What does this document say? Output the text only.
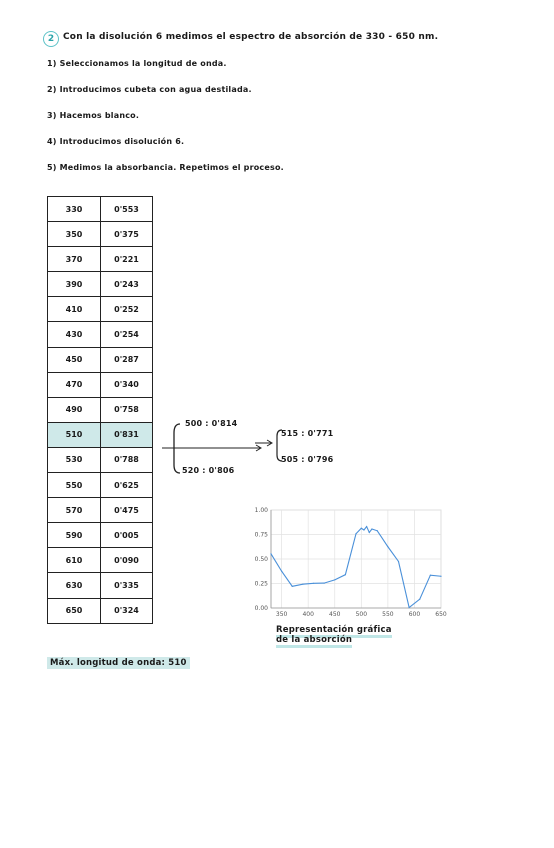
2 Con la disolución 6 medimos el espectro de absorción de 330 - 650 nm.
1) Seleccionamos la longitud de onda.
2) Introducimos cubeta con agua destilada.
3) Hacemos blanco.
4) Introducimos disolución 6.
5) Medimos la absorbancia. Repetimos el proceso.
330	0'553
350	0'375
370	0'221
390	0'243
410	0'252
430	0'254
450	0'287
470	0'340
490	0'758
510	0'831
530	0'788
550	0'625
570	0'475
590	0'005
610	0'090
630	0'335
650	0'324
500 : 0'814
520 : 0'806
515 : 0'771
505 : 0'796
0.00
0.25
0.50
0.75
1.00
350	400	450	500	550	600	650
Representación gráfica
de la absorción
Máx. longitud de onda: 510
